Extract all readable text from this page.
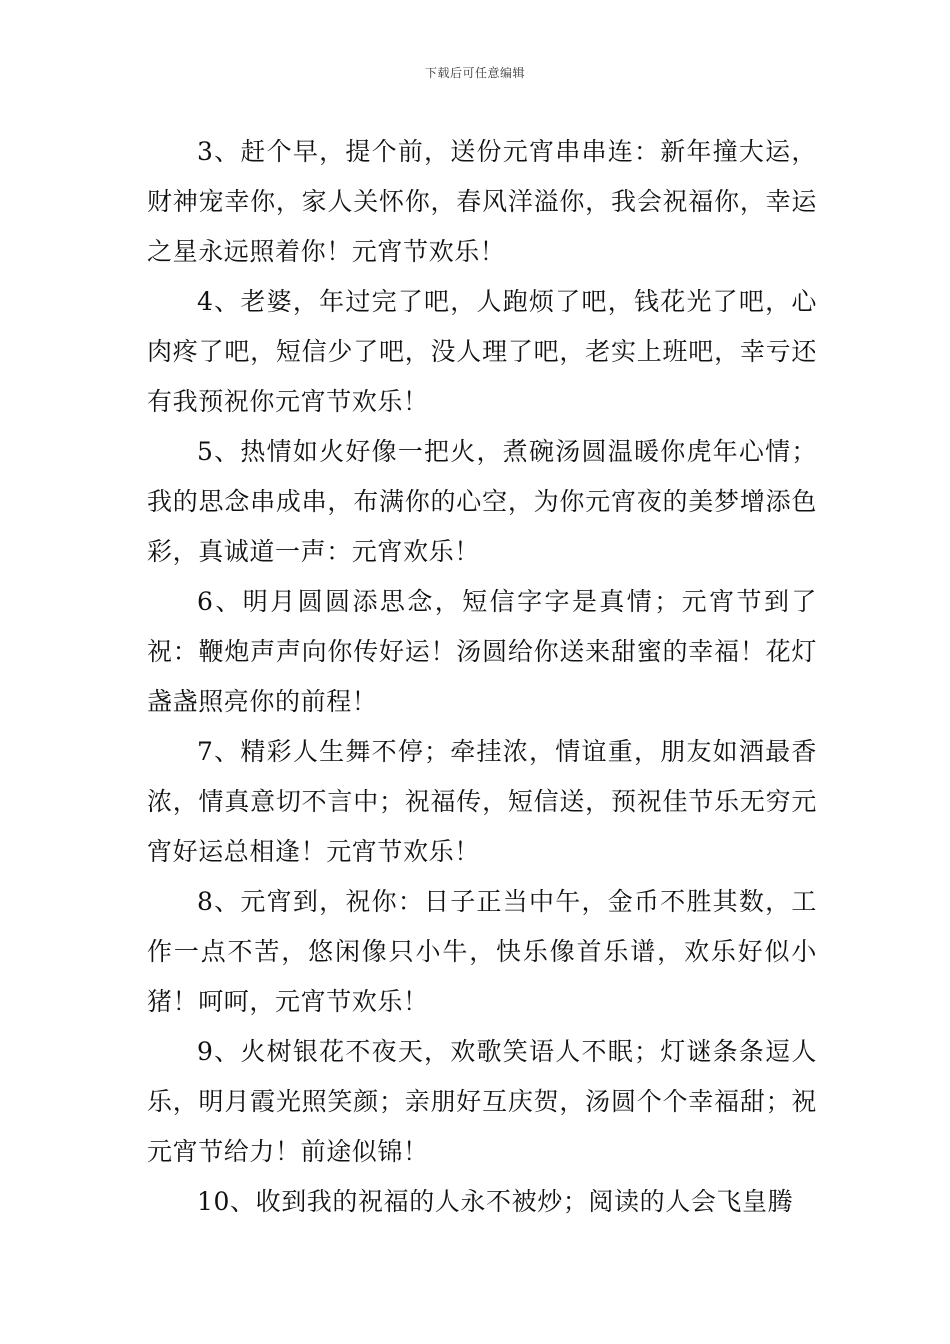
下载后可任意编辑

3、赶个早，提个前，送份元宵串串连：新年撞大运，财神宠幸你，家人关怀你，春风洋溢你，我会祝福你，幸运之星永远照着你！元宵节欢乐！

4、老婆，年过完了吧，人跑烦了吧，钱花光了吧，心肉疼了吧，短信少了吧，没人理了吧，老实上班吧，幸亏还有我预祝你元宵节欢乐！

5、热情如火好像一把火，煮碗汤圆温暖你虎年心情；我的思念串成串，布满你的心空，为你元宵夜的美梦增添色彩，真诚道一声：元宵欢乐！

6、明月圆圆添思念，短信字字是真情；元宵节到了祝：鞭炮声声向你传好运！汤圆给你送来甜蜜的幸福！花灯盏盏照亮你的前程！

7、精彩人生舞不停；牵挂浓，情谊重，朋友如酒最香浓，情真意切不言中；祝福传，短信送，预祝佳节乐无穷元宵好运总相逢！元宵节欢乐！

8、元宵到，祝你：日子正当中午，金币不胜其数，工作一点不苦，悠闲像只小牛，快乐像首乐谱，欢乐好似小猪！呵呵，元宵节欢乐！

9、火树银花不夜天，欢歌笑语人不眠；灯谜条条逗人乐，明月霞光照笑颜；亲朋好互庆贺，汤圆个个幸福甜；祝元宵节给力！前途似锦！

10、收到我的祝福的人永不被炒；阅读的人会飞皇腾
